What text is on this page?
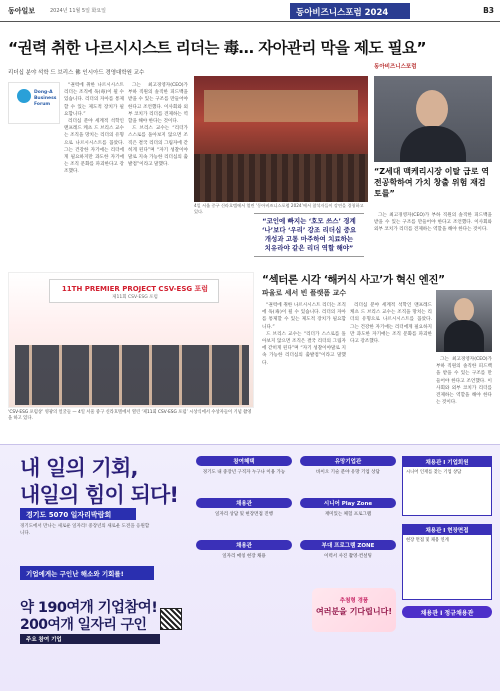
동아일보	2024년 11월 5일 화요일	동아비즈니스포럼 2024	B3
“권력 취한 나르시시스트 리더는 毒… 자아관리 막을 제도 필요”
리더십 분야 석학 드 브리스 佛 인시아드 경영대학원 교수
Dong-A Business Forum

“권력에 취한 나르시시스트 리더는 조직에 독(毒)이 될 수 있습니다. 리더의 자아를 통제할 수 있는 제도적 장치가 필요합니다.”

리더십 분야 세계적 석학인 맨프레드 케츠 드 브리스 교수는 조직을 망치는 리더의 유형으로 나르시시스트를 꼽았다. 그는 건강한 자기애는 리더에게 필요하지만 과도한 자기애는 조직 문화를 파괴한다고 강조했다.

그는 최고경영자(CEO)가 부하 직원의 솔직한 피드백을 받을 수 있는 구조를 만들어야 한다고 조언했다. 이사회와 외부 코치가 리더를 견제하는 역할을 해야 한다는 것이다.

드 브리스 교수는 “리더가 스스로를 돌아보지 않으면 조직은 결국 리더의 그림자에 갇히게 된다”며 “자기 성찰이야말로 지속 가능한 리더십의 출발점”이라고 말했다.

4일 서울 중구 신라호텔에서 열린 ‘동아비즈니스포럼 2024’에서 참석자들이 강연을 경청하고 있다.
“코인에 빠지는 ‘호모 쓰스’ 경계
‘나’보다 ‘우리’ 강조 리더십 중요
개성과 고통 마주하여 치료하는
치유라야 같은 리더 역할 해야”
동아비즈니스포럼
“Z세대 맥케리시장 이탈 급로 역전공학하여 가치 창출 위험 재검토를”

그는 최고경영자(CEO)가 부하 직원의 솔직한 피드백을 받을 수 있는 구조를 만들어야 한다고 조언했다. 이사회와 외부 코치가 리더를 견제하는 역할을 해야 한다는 것이다.

11TH PREMIER PROJECT CSV-ESG 포럼
제11회 CSV·ESG 포럼
‘CSV·ESG 포럼상’ 영광의 얼굴들 — 4일 서울 중구 신라호텔에서 열린 ‘제11회 CSV·ESG 포럼’ 시상식에서 수상자들이 기념 촬영을 하고 있다.
“섹터론 시각 ‘해커식 사고’가 혁신 엔진”
파울로 세서 빈 플랫폼 교수

“권력에 취한 나르시시스트 리더는 조직에 독(毒)이 될 수 있습니다. 리더의 자아를 통제할 수 있는 제도적 장치가 필요합니다.”

드 브리스 교수는 “리더가 스스로를 돌아보지 않으면 조직은 결국 리더의 그림자에 갇히게 된다”며 “자기 성찰이야말로 지속 가능한 리더십의 출발점”이라고 말했다.

리더십 분야 세계적 석학인 맨프레드 케츠 드 브리스 교수는 조직을 망치는 리더의 유형으로 나르시시스트를 꼽았다. 그는 건강한 자기애는 리더에게 필요하지만 과도한 자기애는 조직 문화를 파괴한다고 강조했다.

그는 최고경영자(CEO)가 부하 직원의 솔직한 피드백을 받을 수 있는 구조를 만들어야 한다고 조언했다. 이사회와 외부 코치가 리더를 견제하는 역할을 해야 한다는 것이다.

내 일의 기회,
내일의 힘이 되다!
경기도 5070 일자리박람회
경기도에서 만나는 새로운 일자리! 중장년의 새로운 도전을 응원합니다.
기업에게는 구인난 해소와 기회를!
약 190여개 기업참여!
200여개 일자리 구인
주요 참여 기업
참여혜택
경기도 내 중장년 구직자 누구나 이용 가능
유망기업관
바이오 기술 분야 유망 기업 상담
채용관
일자리 상담 및 현장면접 진행
시니어 Play Zone
재미있는 체험 프로그램
채용관
일자리 매칭 현장 채용
부대 프로그램 ZONE
이력서 사진 촬영·컨설팅
채용관 I 기업회원
시니어 인재를 찾는 기업 상담
채용관 I 현장면접
현장 면접 및 채용 연계
채용관 I 정규채용관
추첨형 경품
여러분을 기다립니다!
